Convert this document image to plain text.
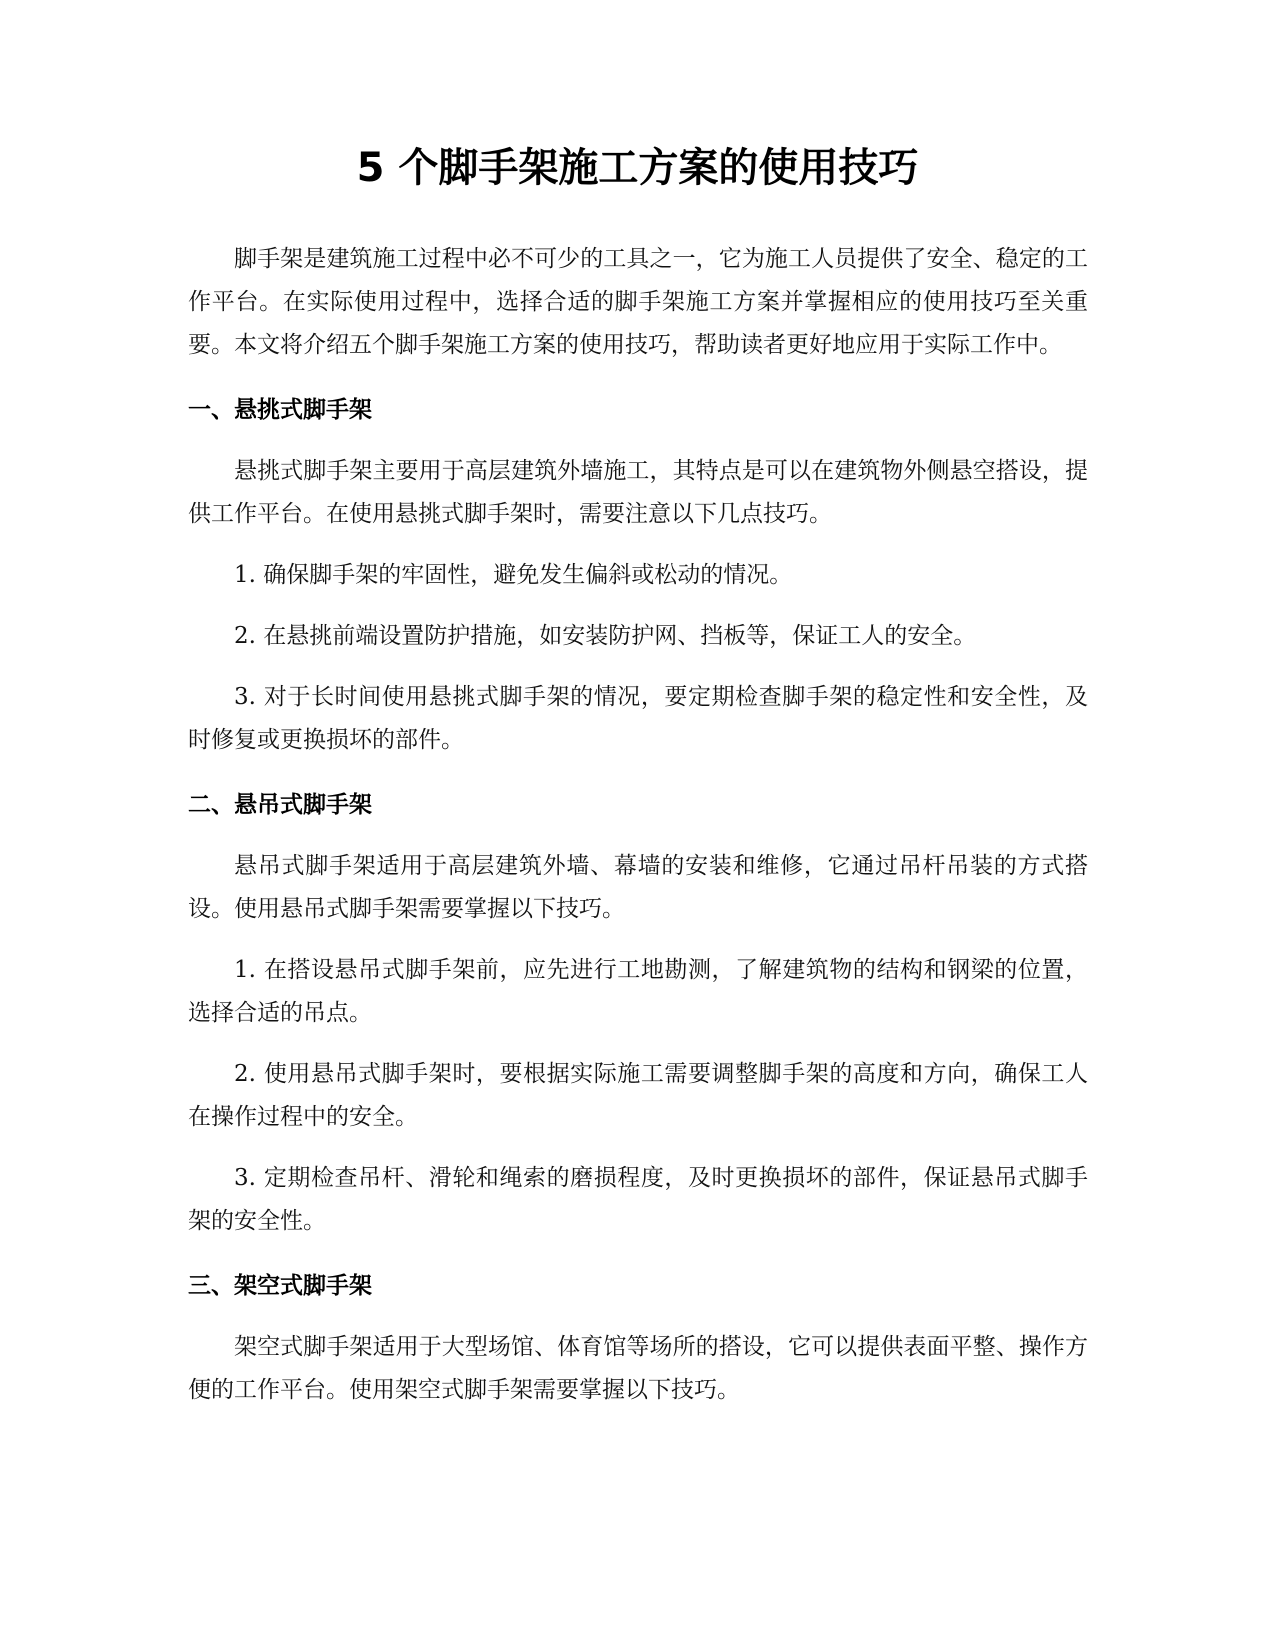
5 个脚手架施工方案的使用技巧

脚手架是建筑施工过程中必不可少的工具之一，它为施工人员提供了安全、稳定的工作平台。在实际使用过程中，选择合适的脚手架施工方案并掌握相应的使用技巧至关重要。本文将介绍五个脚手架施工方案的使用技巧，帮助读者更好地应用于实际工作中。

一、悬挑式脚手架

悬挑式脚手架主要用于高层建筑外墙施工，其特点是可以在建筑物外侧悬空搭设，提供工作平台。在使用悬挑式脚手架时，需要注意以下几点技巧。

1. 确保脚手架的牢固性，避免发生偏斜或松动的情况。

2. 在悬挑前端设置防护措施，如安装防护网、挡板等，保证工人的安全。

3. 对于长时间使用悬挑式脚手架的情况，要定期检查脚手架的稳定性和安全性，及时修复或更换损坏的部件。

二、悬吊式脚手架

悬吊式脚手架适用于高层建筑外墙、幕墙的安装和维修，它通过吊杆吊装的方式搭设。使用悬吊式脚手架需要掌握以下技巧。

1. 在搭设悬吊式脚手架前，应先进行工地勘测，了解建筑物的结构和钢梁的位置，选择合适的吊点。

2. 使用悬吊式脚手架时，要根据实际施工需要调整脚手架的高度和方向，确保工人在操作过程中的安全。

3. 定期检查吊杆、滑轮和绳索的磨损程度，及时更换损坏的部件，保证悬吊式脚手架的安全性。

三、架空式脚手架

架空式脚手架适用于大型场馆、体育馆等场所的搭设，它可以提供表面平整、操作方便的工作平台。使用架空式脚手架需要掌握以下技巧。
